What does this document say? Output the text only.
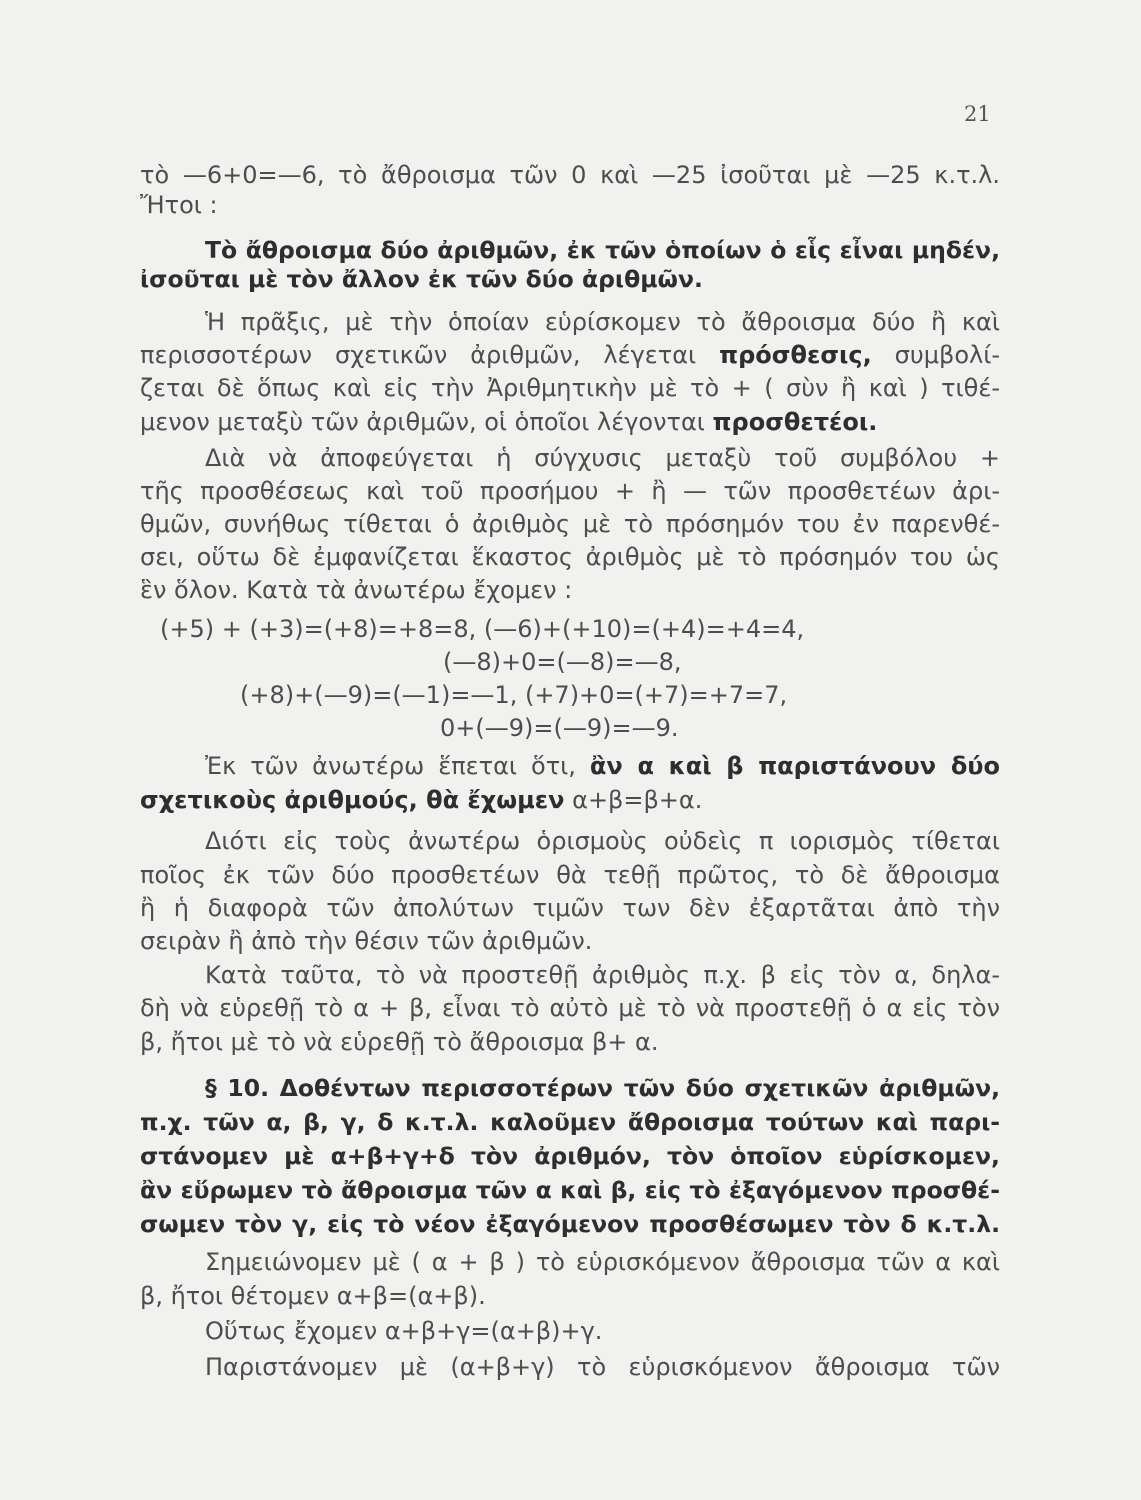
21
τὸ —6+0=—6, τὸ ἄθροισμα τῶν 0 καὶ —25 ἰσοῦται μὲ —25 κ.τ.λ.
Ἤτοι :
Τὸ ἄθροισμα δύο ἀριθμῶν, ἐκ τῶν ὁποίων ὁ εἷς εἶναι μηδέν,
ἰσοῦται μὲ τὸν ἄλλον ἐκ τῶν δύο ἀριθμῶν.
Ἡ πρᾶξις, μὲ τὴν ὁποίαν εὑρίσκομεν τὸ ἄθροισμα δύο ἢ καὶ
περισσοτέρων σχετικῶν ἀριθμῶν, λέγεται πρόσθεσις, συμβολί-
ζεται δὲ ὅπως καὶ εἰς τὴν Ἀριθμητικὴν μὲ τὸ + ( σὺν ἢ καὶ ) τιθέ-
μενον μεταξὺ τῶν ἀριθμῶν, οἱ ὁποῖοι λέγονται προσθετέοι.
Διὰ νὰ ἀποφεύγεται ἡ σύγχυσις μεταξὺ τοῦ συμβόλου +
τῆς προσθέσεως καὶ τοῦ προσήμου + ἢ — τῶν προσθετέων ἀρι-
θμῶν, συνήθως τίθεται ὁ ἀριθμὸς μὲ τὸ πρόσημόν του ἐν παρενθέ-
σει, οὕτω δὲ ἐμφανίζεται ἕκαστος ἀριθμὸς μὲ τὸ πρόσημόν του ὡς
ἓν ὅλον. Κατὰ τὰ ἀνωτέρω ἔχομεν :
(+5) + (+3)=(+8)=+8=8, (—6)+(+10)=(+4)=+4=4,
(—8)+0=(—8)=—8,
(+8)+(—9)=(—1)=—1, (+7)+0=(+7)=+7=7,
0+(—9)=(—9)=—9.
Ἐκ τῶν ἀνωτέρω ἕπεται ὅτι, ἂν α καὶ β παριστάνουν δύο
σχετικοὺς ἀριθμούς, θὰ ἔχωμεν α+β=β+α.
Διότι εἰς τοὺς ἀνωτέρω ὁρισμοὺς οὐδεὶς π ιορισμὸς τίθεται
ποῖος ἐκ τῶν δύο προσθετέων θὰ τεθῇ πρῶτος, τὸ δὲ ἄθροισμα
ἢ ἡ διαφορὰ τῶν ἀπολύτων τιμῶν των δὲν ἐξαρτᾶται ἀπὸ τὴν
σειρὰν ἢ ἀπὸ τὴν θέσιν τῶν ἀριθμῶν.
Κατὰ ταῦτα, τὸ νὰ προστεθῇ ἀριθμὸς π.χ. β εἰς τὸν α, δηλα-
δὴ νὰ εὑρεθῇ τὸ α + β, εἶναι τὸ αὐτὸ μὲ τὸ νὰ προστεθῇ ὁ α εἰς τὸν
β, ἤτοι μὲ τὸ νὰ εὑρεθῇ τὸ ἄθροισμα β+ α.
§ 10. Δοθέντων περισσοτέρων τῶν δύο σχετικῶν ἀριθμῶν,
π.χ. τῶν α, β, γ, δ κ.τ.λ. καλοῦμεν ἄθροισμα τούτων καὶ παρι-
στάνομεν μὲ α+β+γ+δ τὸν ἀριθμόν, τὸν ὁποῖον εὑρίσκομεν,
ἂν εὕρωμεν τὸ ἄθροισμα τῶν α καὶ β, εἰς τὸ ἐξαγόμενον προσθέ-
σωμεν τὸν γ, εἰς τὸ νέον ἐξαγόμενον προσθέσωμεν τὸν δ κ.τ.λ.
Σημειώνομεν μὲ ( α + β ) τὸ εὑρισκόμενον ἄθροισμα τῶν α καὶ
β, ἤτοι θέτομεν α+β=(α+β).
Οὕτως ἔχομεν α+β+γ=(α+β)+γ.
Παριστάνομεν μὲ (α+β+γ) τὸ εὑρισκόμενον ἄθροισμα τῶν
